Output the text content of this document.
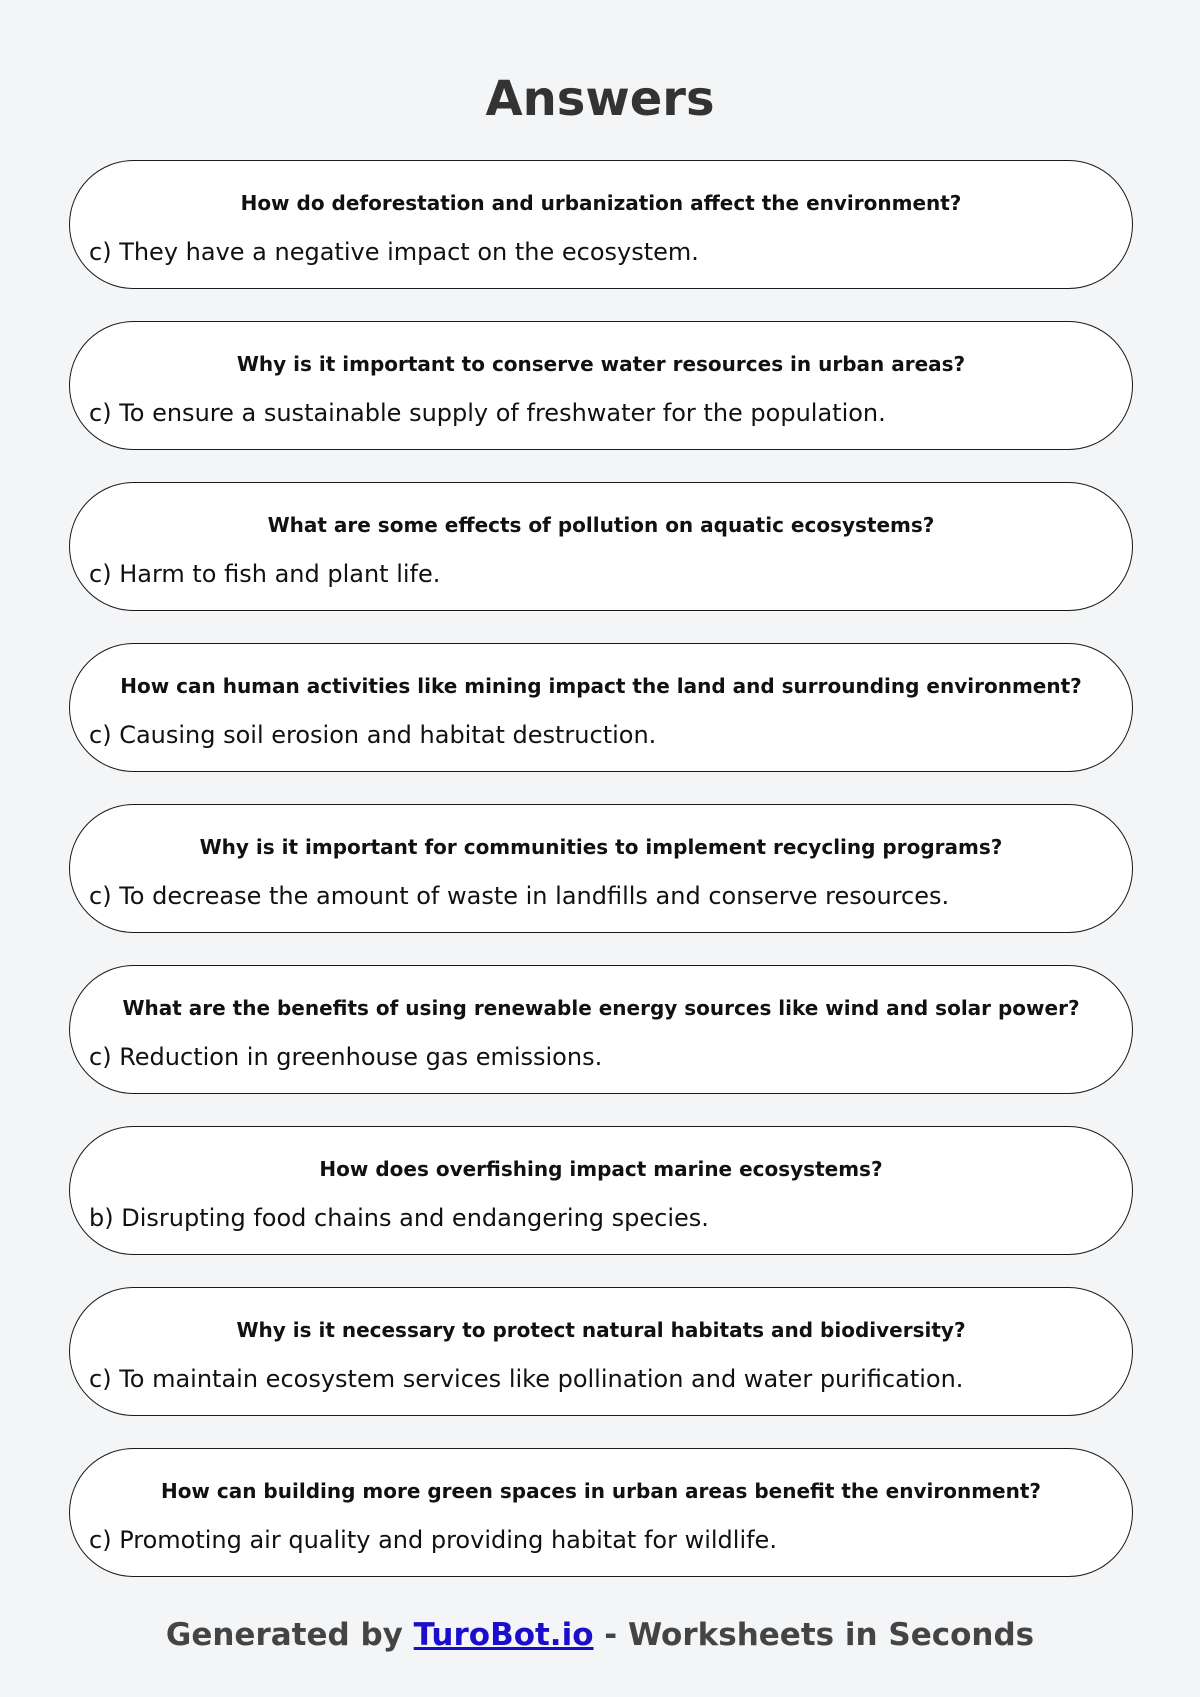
Answers
How do deforestation and urbanization affect the environment?
c) They have a negative impact on the ecosystem.
Why is it important to conserve water resources in urban areas?
c) To ensure a sustainable supply of freshwater for the population.
What are some effects of pollution on aquatic ecosystems?
c) Harm to fish and plant life.
How can human activities like mining impact the land and surrounding environment?
c) Causing soil erosion and habitat destruction.
Why is it important for communities to implement recycling programs?
c) To decrease the amount of waste in landfills and conserve resources.
What are the benefits of using renewable energy sources like wind and solar power?
c) Reduction in greenhouse gas emissions.
How does overfishing impact marine ecosystems?
b) Disrupting food chains and endangering species.
Why is it necessary to protect natural habitats and biodiversity?
c) To maintain ecosystem services like pollination and water purification.
How can building more green spaces in urban areas benefit the environment?
c) Promoting air quality and providing habitat for wildlife.
Generated by TuroBot.io - Worksheets in Seconds
